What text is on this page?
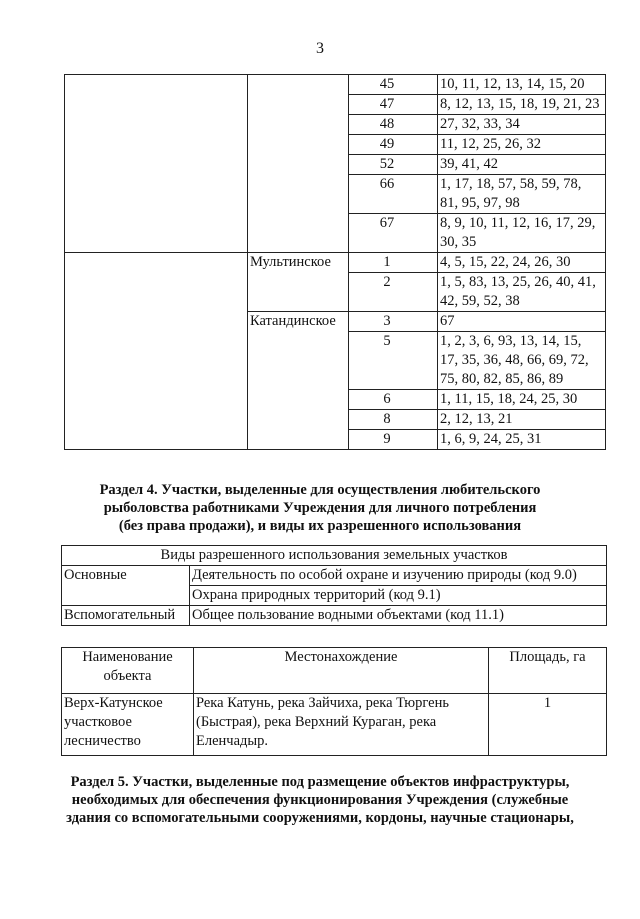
3
		45	10, 11, 12, 13, 14, 15, 20
		47	8, 12, 13, 15, 18, 19, 21, 23
		48	27, 32, 33, 34
		49	11, 12, 25, 26, 32
		52	39, 41, 42
		66	1, 17, 18, 57, 58, 59, 78, 81, 95, 97, 98
		67	8, 9, 10, 11, 12, 16, 17, 29, 30, 35
	Мультинское	1	4, 5, 15, 22, 24, 26, 30
		2	1, 5, 83, 13, 25, 26, 40, 41, 42, 59, 52, 38
	Катандинское	3	67
		5	1, 2, 3, 6, 93, 13, 14, 15, 17, 35, 36, 48, 66, 69, 72, 75, 80, 82, 85, 86, 89
		6	1, 11, 15, 18, 24, 25, 30
		8	2, 12, 13, 21
		9	1, 6, 9, 24, 25, 31
Раздел 4. Участки, выделенные для осуществления любительского
рыболовства работниками Учреждения для личного потребления
(без права продажи), и виды их разрешенного использования
Виды разрешенного использования земельных участков	
Основные	Деятельность по особой охране и изучению природы (код 9.0)
	Охрана природных территорий (код 9.1)
Вспомогательный	Общее пользование водными объектами (код 11.1)
Наименование объекта	Местонахождение	Площадь, га
Верх-Катунское участковое лесничество	Река Катунь, река Зайчиха, река Тюргень (Быстрая), река Верхний Кураган, река Еленчадыр.	1
Раздел 5. Участки, выделенные под размещение объектов инфраструктуры,
необходимых для обеспечения функционирования Учреждения (служебные
здания со вспомогательными сооружениями, кордоны, научные стационары,
